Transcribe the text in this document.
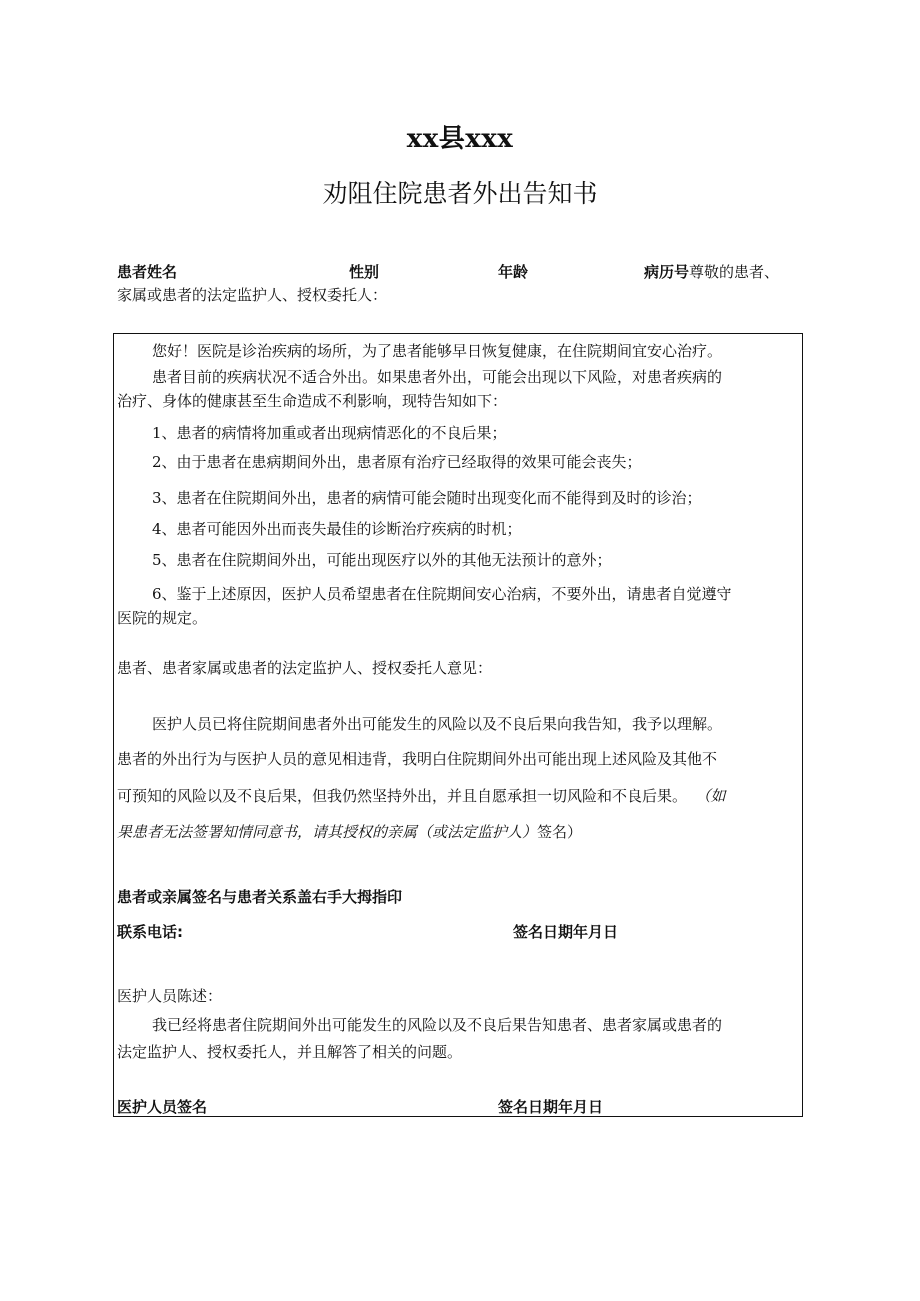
xx县xxx
劝阻住院患者外出告知书
患者姓名	性别	年龄	病历号尊敬的患者、
家属或患者的法定监护人、授权委托人：
您好！医院是诊治疾病的场所，为了患者能够早日恢复健康，在住院期间宜安心治疗。
患者目前的疾病状况不适合外出。如果患者外出，可能会出现以下风险，对患者疾病的
治疗、身体的健康甚至生命造成不利影响，现特告知如下：
1、患者的病情将加重或者出现病情恶化的不良后果；
2、由于患者在患病期间外出，患者原有治疗已经取得的效果可能会丧失；
3、患者在住院期间外出，患者的病情可能会随时出现变化而不能得到及时的诊治；
4、患者可能因外出而丧失最佳的诊断治疗疾病的时机；
5、患者在住院期间外出，可能出现医疗以外的其他无法预计的意外；
6、鉴于上述原因，医护人员希望患者在住院期间安心治病，不要外出，请患者自觉遵守
医院的规定。
患者、患者家属或患者的法定监护人、授权委托人意见：
医护人员已将住院期间患者外出可能发生的风险以及不良后果向我告知，我予以理解。
患者的外出行为与医护人员的意见相违背，我明白住院期间外出可能出现上述风险及其他不
可预知的风险以及不良后果，但我仍然坚持外出，并且自愿承担一切风险和不良后果。 （如
果患者无法签署知情同意书，请其授权的亲属（或法定监护人）签名）
患者或亲属签名与患者关系盖右手大拇指印
联系电话:	签名日期年月日
医护人员陈述：
我已经将患者住院期间外出可能发生的风险以及不良后果告知患者、患者家属或患者的
法定监护人、授权委托人，并且解答了相关的问题。
医护人员签名	签名日期年月日
